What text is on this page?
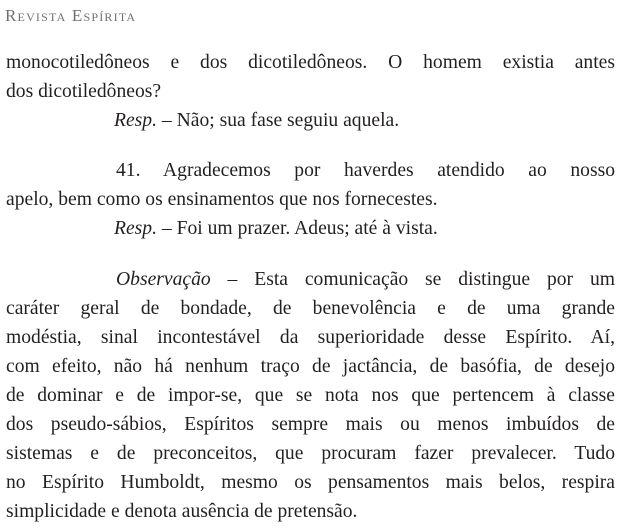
Revista Espírita
monocotiledôneos e dos dicotiledôneos. O homem existia antes
dos dicotiledôneos?
Resp. – Não; sua fase seguiu aquela.
41. Agradecemos por haverdes atendido ao nosso
apelo, bem como os ensinamentos que nos fornecestes.
Resp. – Foi um prazer. Adeus; até à vista.
Observação – Esta comunicação se distingue por um
caráter geral de bondade, de benevolência e de uma grande
modéstia, sinal incontestável da superioridade desse Espírito. Aí,
com efeito, não há nenhum traço de jactância, de basófia, de desejo
de dominar e de impor-se, que se nota nos que pertencem à classe
dos pseudo-sábios, Espíritos sempre mais ou menos imbuídos de
sistemas e de preconceitos, que procuram fazer prevalecer. Tudo
no Espírito Humboldt, mesmo os pensamentos mais belos, respira
simplicidade e denota ausência de pretensão.
